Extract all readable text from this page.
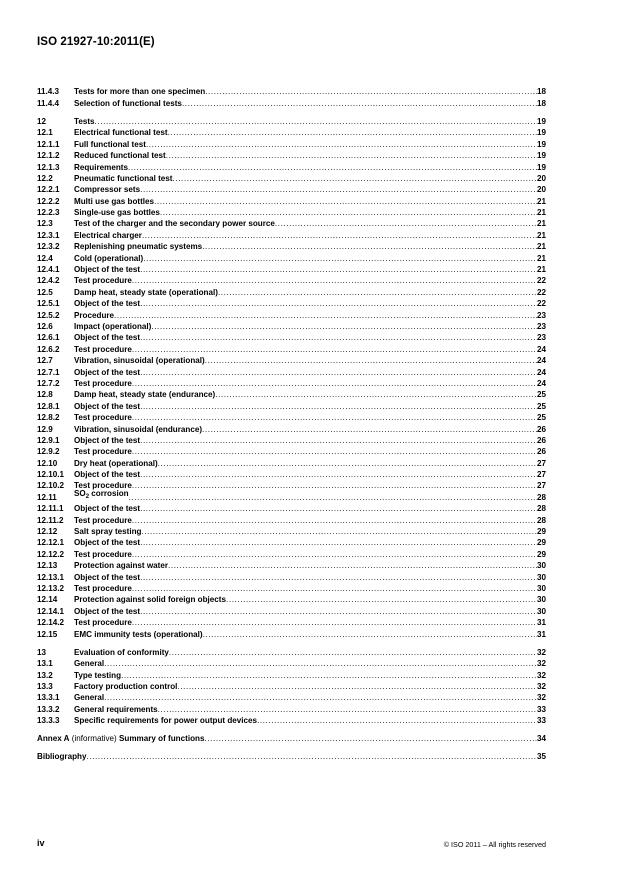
ISO 21927-10:2011(E)
11.4.3	Tests for more than one specimen .....	18
11.4.4	Selection of functional tests .....	18
12	Tests .....	19
12.1	Electrical functional test .....	19
12.1.1	Full functional test .....	19
12.1.2	Reduced functional test .....	19
12.1.3	Requirements .....	19
12.2	Pneumatic functional test .....	20
12.2.1	Compressor sets .....	20
12.2.2	Multi use gas bottles .....	21
12.2.3	Single-use gas bottles .....	21
12.3	Test of the charger and the secondary power source .....	21
12.3.1	Electrical charger .....	21
12.3.2	Replenishing pneumatic systems .....	21
12.4	Cold (operational) .....	21
12.4.1	Object of the test .....	21
12.4.2	Test procedure .....	22
12.5	Damp heat, steady state (operational) .....	22
12.5.1	Object of the test .....	22
12.5.2	Procedure .....	23
12.6	Impact (operational) .....	23
12.6.1	Object of the test .....	23
12.6.2	Test procedure .....	24
12.7	Vibration, sinusoidal (operational) .....	24
12.7.1	Object of the test .....	24
12.7.2	Test procedure .....	24
12.8	Damp heat, steady state (endurance) .....	25
12.8.1	Object of the test .....	25
12.8.2	Test procedure .....	25
12.9	Vibration, sinusoidal (endurance) .....	26
12.9.1	Object of the test .....	26
12.9.2	Test procedure .....	26
12.10	Dry heat (operational) .....	27
12.10.1	Object of the test .....	27
12.10.2	Test procedure .....	27
12.11	$SO_2$ corrosion .....	28
12.11.1	Object of the test .....	28
12.11.2	Test procedure .....	28
12.12	Salt spray testing .....	29
12.12.1	Object of the test .....	29
12.12.2	Test procedure .....	29
12.13	Protection against water .....	30
12.13.1	Object of the test .....	30
12.13.2	Test procedure .....	30
12.14	Protection against solid foreign objects .....	30
12.14.1	Object of the test .....	30
12.14.2	Test procedure .....	31
12.15	EMC immunity tests (operational) .....	31
13	Evaluation of conformity .....	32
13.1	General .....	32
13.2	Type testing .....	32
13.3	Factory production control .....	32
13.3.1	General .....	32
13.3.2	General requirements .....	33
13.3.3	Specific requirements for power output devices .....	33
Annex A (informative) Summary of functions .....	34
Bibliography .....	35
iv	© ISO 2011 – All rights reserved
